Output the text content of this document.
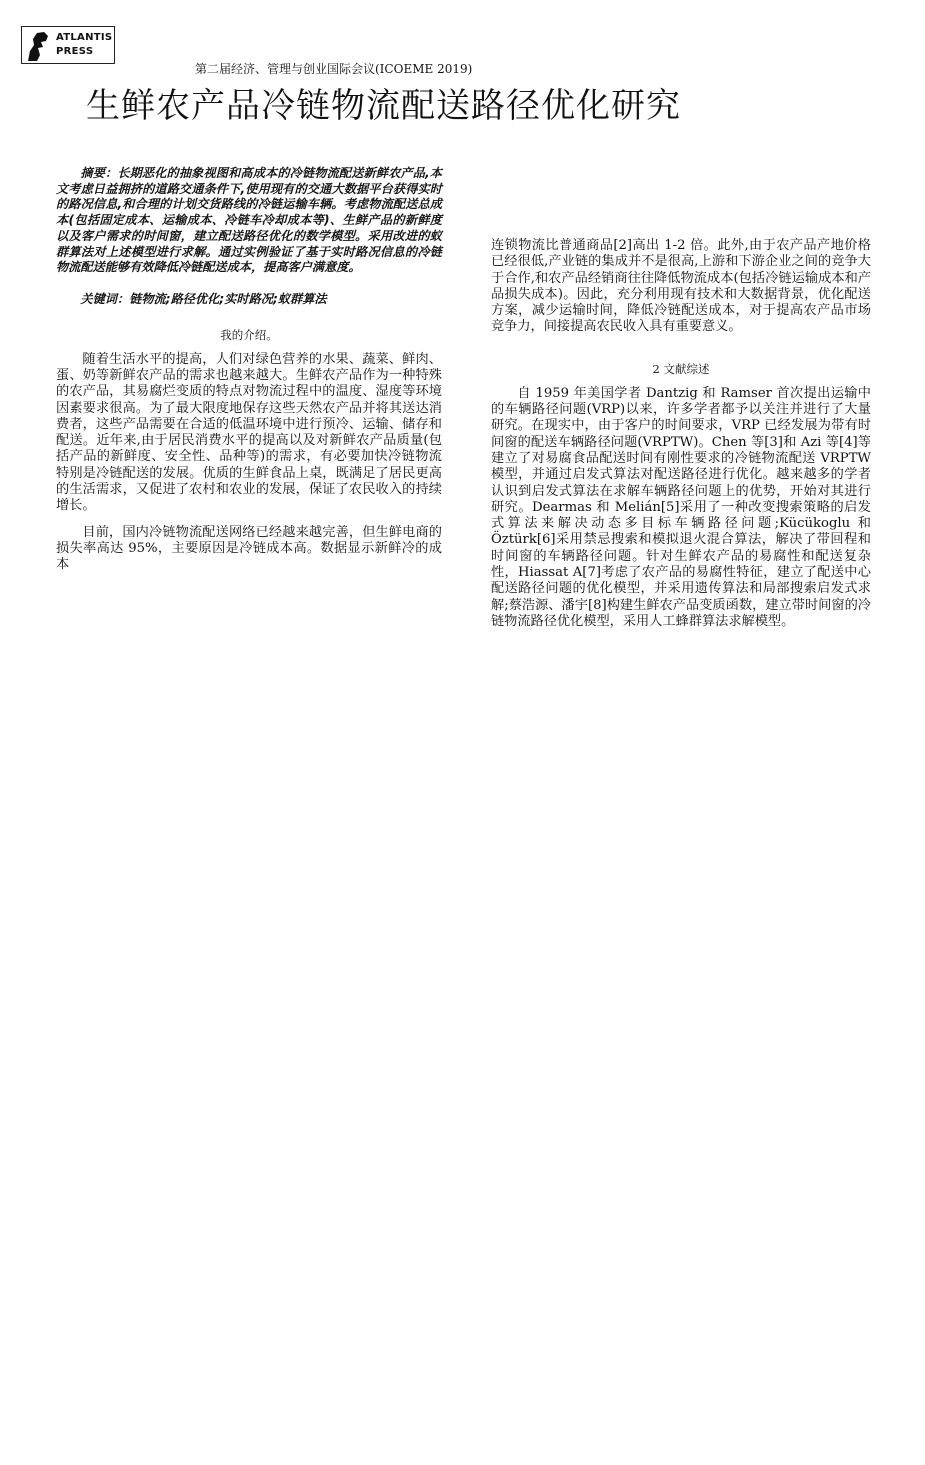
ATLANTIS
PRESS
第二届经济、管理与创业国际会议(ICOEME 2019)
生鲜农产品冷链物流配送路径优化研究

摘要：长期恶化的抽象视图和高成本的冷链物流配送新鲜农产品,本文考虑日益拥挤的道路交通条件下,使用现有的交通大数据平台获得实时的路况信息,和合理的计划交货路线的冷链运输车辆。考虑物流配送总成本(包括固定成本、运输成本、冷链车冷却成本等)、生鲜产品的新鲜度以及客户需求的时间窗，建立配送路径优化的数学模型。采用改进的蚁群算法对上述模型进行求解。通过实例验证了基于实时路况信息的冷链物流配送能够有效降低冷链配送成本，提高客户满意度。

关键词：链物流;路径优化;实时路况;蚁群算法

我的介绍。

随着生活水平的提高，人们对绿色营养的水果、蔬菜、鲜肉、蛋、奶等新鲜农产品的需求也越来越大。生鲜农产品作为一种特殊的农产品，其易腐烂变质的特点对物流过程中的温度、湿度等环境因素要求很高。为了最大限度地保存这些天然农产品并将其送达消费者，这些产品需要在合适的低温环境中进行预冷、运输、储存和配送。近年来,由于居民消费水平的提高以及对新鲜农产品质量(包括产品的新鲜度、安全性、品种等)的需求，有必要加快冷链物流特别是冷链配送的发展。优质的生鲜食品上桌，既满足了居民更高的生活需求，又促进了农村和农业的发展，保证了农民收入的持续增长。

目前，国内冷链物流配送网络已经越来越完善，但生鲜电商的损失率高达 95%，主要原因是冷链成本高。数据显示新鲜冷的成本

连锁物流比普通商品[2]高出 1-2 倍。此外,由于农产品产地价格已经很低,产业链的集成并不是很高,上游和下游企业之间的竞争大于合作,和农产品经销商往往降低物流成本(包括冷链运输成本和产品损失成本)。因此，充分利用现有技术和大数据背景，优化配送方案，减少运输时间，降低冷链配送成本，对于提高农产品市场竞争力，间接提高农民收入具有重要意义。

2 文献综述

自 1959 年美国学者 Dantzig 和 Ramser 首次提出运输中的车辆路径问题(VRP)以来，许多学者都予以关注并进行了大量研究。在现实中，由于客户的时间要求，VRP 已经发展为带有时间窗的配送车辆路径问题(VRPTW)。Chen 等[3]和 Azi 等[4]等建立了对易腐食品配送时间有刚性要求的冷链物流配送 VRPTW 模型，并通过启发式算法对配送路径进行优化。越来越多的学者认识到启发式算法在求解车辆路径问题上的优势，开始对其进行研究。Dearmas 和 Melián[5]采用了一种改变搜索策略的启发式算法来解决动态多目标车辆路径问题;Kücükoglu 和 Öztürk[6]采用禁忌搜索和模拟退火混合算法，解决了带回程和时间窗的车辆路径问题。针对生鲜农产品的易腐性和配送复杂性，Hiassat A[7]考虑了农产品的易腐性特征，建立了配送中心配送路径问题的优化模型，并采用遗传算法和局部搜索启发式求解;蔡浩源、潘宇[8]构建生鲜农产品变质函数，建立带时间窗的冷链物流路径优化模型，采用人工蜂群算法求解模型。
